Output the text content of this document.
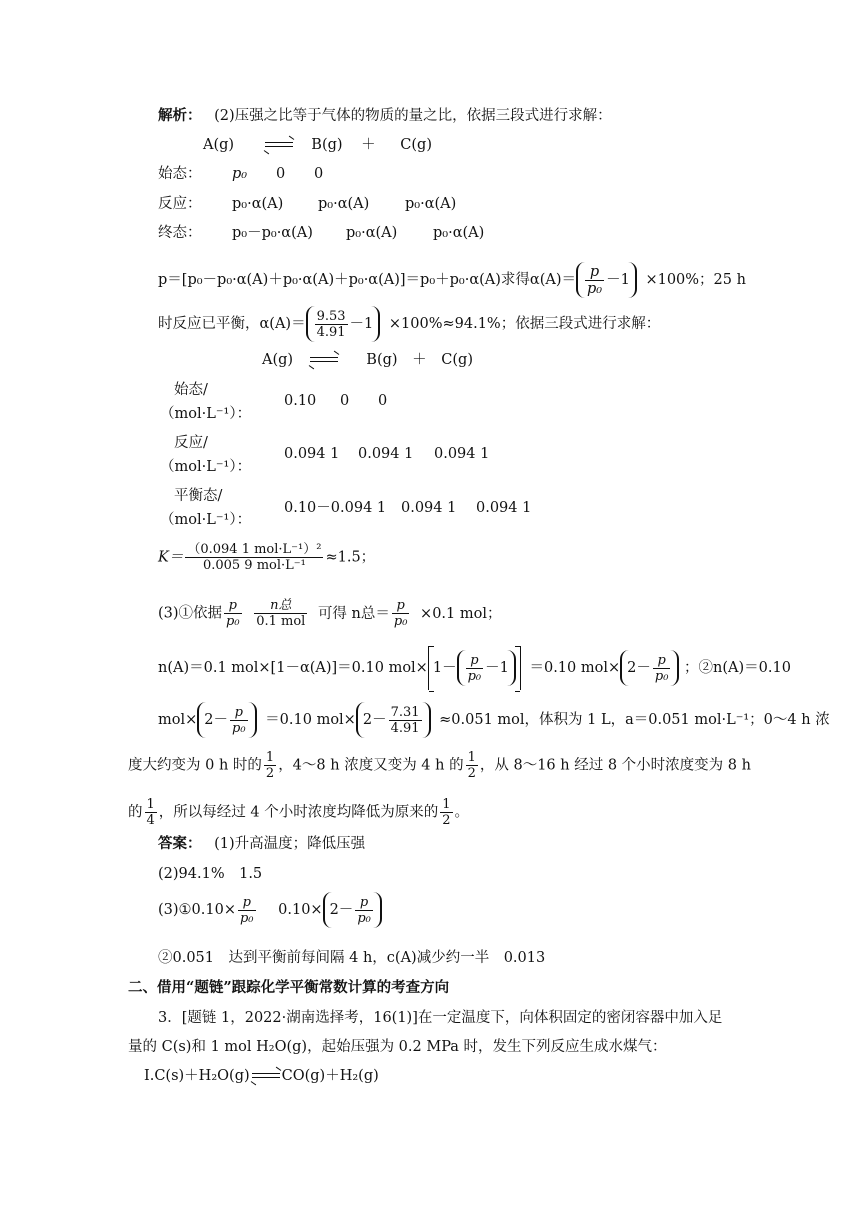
解析： (2)压强之比等于气体的物质的量之比，依据三段式进行求解：
A(g)	B(g) ＋ C(g)
始态： p₀ 0 0
反应： p₀·α(A) p₀·α(A) p₀·α(A)
终态： p₀－p₀·α(A) p₀·α(A) p₀·α(A)
p＝[p₀－p₀·α(A)＋p₀·α(A)＋p₀·α(A)]＝p₀＋p₀·α(A)求得$\alpha(A)= \frac{p}{\text{p₀}} -1 \times 100\%$；25 h
时反应已平衡，$\alpha(A)= \frac{9.53}{4.91} -1 \times 100\%\approx 94.1\%$；依据三段式进行求解：
A(g)	B(g) ＋ C(g)
始态/
（mol·L⁻¹）：
0.10 0 0
反应/
（mol·L⁻¹）：
0.094 1 0.094 1 0.094 1
平衡态/
（mol·L⁻¹）：
0.10－0.094 1 0.094 1 0.094 1
$K= \frac{\text{（0.094 1 mol·L⁻¹）²}}{\text{0.005 9 mol·L⁻¹}} \approx 1.5$；
(3)①依据 $\frac{p}{\text{p₀}}$
$\frac{\text{n总}}{\text{0.1 mol}}$ 可得 n总＝ $\frac{p}{\text{p₀}} \times 0.1$ mol；
n(A)＝0.1 mol×[1－α(A)]＝0.10 $mol\times 1- \frac{p}{\text{p₀}} -1 =0.10$ $mol\times 2- \frac{p}{\text{p₀}}$ ；②n(A)＝0.10
$mol\times 2- \frac{p}{\text{p₀}} =0.10$ $mol\times 2- \frac{7.31}{4.91} \approx 0.051$ mol，体积为 1 L，a＝0.051 mol·L⁻¹；0～4 h 浓
度大约变为 0 h 时的 $\frac{1}{2}$ ，4～8 h 浓度又变为 4 h 的 $\frac{1}{2}$ ，从 8～16 h 经过 8 个小时浓度变为 8 h
的 $\frac{1}{4}$ ，所以每经过 4 个小时浓度均降低为原来的 $\frac{1}{2}$ 。
答案： (1)升高温度；降低压强
(2)94.1%　1.5
(3)①0.10× $\frac{p}{\text{p₀}} 0.10\times 2- \frac{p}{\text{p₀}}$
②0.051　达到平衡前每间隔 4 h，c(A)减少约一半　0.013
二、借用“题链”跟踪化学平衡常数计算的考查方向
3．[题链 1，2022·湖南选择考，16(1)]在一定温度下，向体积固定的密闭容器中加入足
量的 C(s)和 1 mol H₂O(g)，起始压强为 0.2 MPa 时，发生下列反应生成水煤气：
Ⅰ.C(s)＋H₂O(g) CO(g)＋H₂(g)
